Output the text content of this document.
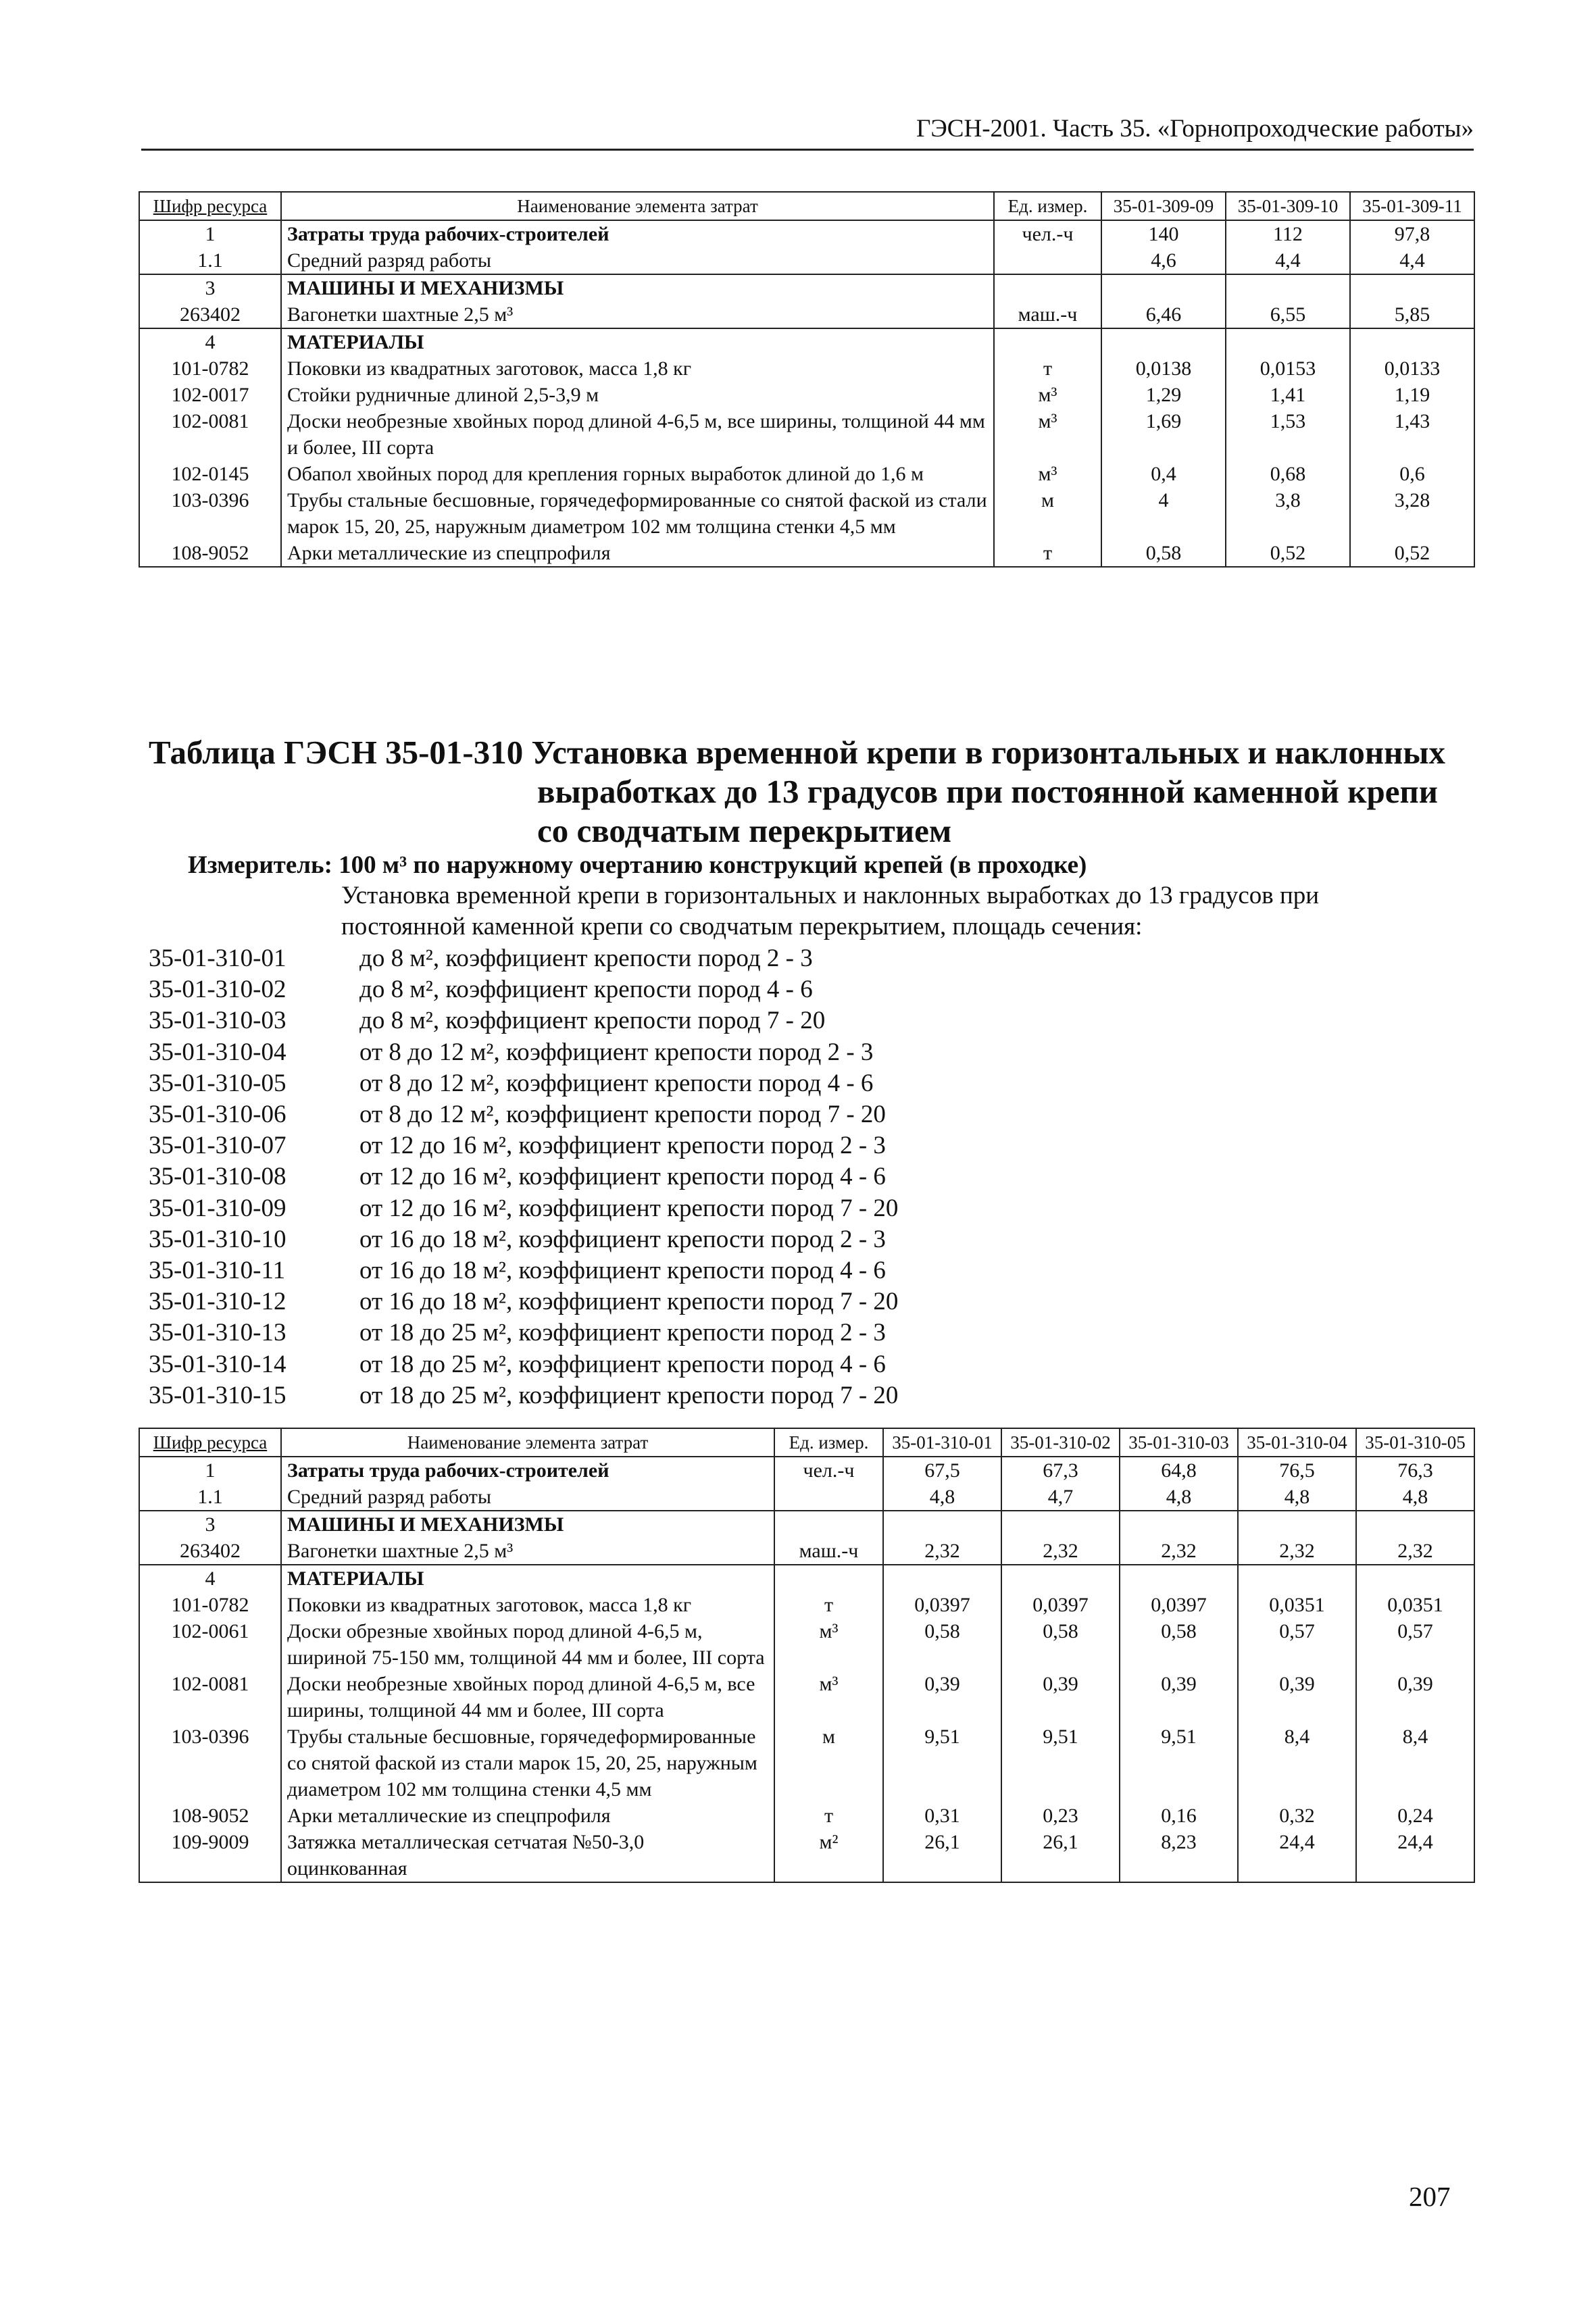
ГЭСН-2001. Часть 35. «Горнопроходческие работы»
Шифр ресурса	Наименование элемента затрат	Ед. измер.	35-01-309-09	35-01-309-10	35-01-309-11
1	Затраты труда рабочих-строителей	чел.-ч	140	112	97,8
1.1	Средний разряд работы		4,6	4,4	4,4
3	МАШИНЫ И МЕХАНИЗМЫ				
263402	Вагонетки шахтные 2,5 м³	маш.-ч	6,46	6,55	5,85
4	МАТЕРИАЛЫ				
101-0782	Поковки из квадратных заготовок, масса 1,8 кг	т	0,0138	0,0153	0,0133
102-0017	Стойки рудничные длиной 2,5-3,9 м	м³	1,29	1,41	1,19
102-0081	Доски необрезные хвойных пород длиной 4-6,5 м, все ширины, толщиной 44 мм и более, III сорта	м³	1,69	1,53	1,43
102-0145	Обапол хвойных пород для крепления горных выработок длиной до 1,6 м	м³	0,4	0,68	0,6
103-0396	Трубы стальные бесшовные, горячедеформированные со снятой фаской из стали марок 15, 20, 25, наружным диаметром 102 мм толщина стенки 4,5 мм	м	4	3,8	3,28
108-9052	Арки металлические из спецпрофиля	т	0,58	0,52	0,52
Таблица ГЭСН 35-01-310 Установка временной крепи в горизонтальных и наклонных
выработках до 13 градусов при постоянной каменной крепи
со сводчатым перекрытием
Измеритель: 100 м³ по наружному очертанию конструкций крепей (в проходке)
Установка временной крепи в горизонтальных и наклонных выработках до 13 градусов при постоянной каменной крепи со сводчатым перекрытием, площадь сечения:
35-01-310-01	до 8 м², коэффициент крепости пород 2 - 3
35-01-310-02	до 8 м², коэффициент крепости пород 4 - 6
35-01-310-03	до 8 м², коэффициент крепости пород 7 - 20
35-01-310-04	от 8 до 12 м², коэффициент крепости пород 2 - 3
35-01-310-05	от 8 до 12 м², коэффициент крепости пород 4 - 6
35-01-310-06	от 8 до 12 м², коэффициент крепости пород 7 - 20
35-01-310-07	от 12 до 16 м², коэффициент крепости пород 2 - 3
35-01-310-08	от 12 до 16 м², коэффициент крепости пород 4 - 6
35-01-310-09	от 12 до 16 м², коэффициент крепости пород 7 - 20
35-01-310-10	от 16 до 18 м², коэффициент крепости пород 2 - 3
35-01-310-11	от 16 до 18 м², коэффициент крепости пород 4 - 6
35-01-310-12	от 16 до 18 м², коэффициент крепости пород 7 - 20
35-01-310-13	от 18 до 25 м², коэффициент крепости пород 2 - 3
35-01-310-14	от 18 до 25 м², коэффициент крепости пород 4 - 6
35-01-310-15	от 18 до 25 м², коэффициент крепости пород 7 - 20
Шифр ресурса	Наименование элемента затрат	Ед. измер.	35-01-310-01	35-01-310-02	35-01-310-03	35-01-310-04	35-01-310-05
1	Затраты труда рабочих-строителей	чел.-ч	67,5	67,3	64,8	76,5	76,3
1.1	Средний разряд работы		4,8	4,7	4,8	4,8	4,8
3	МАШИНЫ И МЕХАНИЗМЫ						
263402	Вагонетки шахтные 2,5 м³	маш.-ч	2,32	2,32	2,32	2,32	2,32
4	МАТЕРИАЛЫ						
101-0782	Поковки из квадратных заготовок, масса 1,8 кг	т	0,0397	0,0397	0,0397	0,0351	0,0351
102-0061	Доски обрезные хвойных пород длиной 4-6,5 м, шириной 75-150 мм, толщиной 44 мм и более, III сорта	м³	0,58	0,58	0,58	0,57	0,57
102-0081	Доски необрезные хвойных пород длиной 4-6,5 м, все ширины, толщиной 44 мм и более, III сорта	м³	0,39	0,39	0,39	0,39	0,39
103-0396	Трубы стальные бесшовные, горячедеформированные со снятой фаской из стали марок 15, 20, 25, наружным диаметром 102 мм толщина стенки 4,5 мм	м	9,51	9,51	9,51	8,4	8,4
108-9052	Арки металлические из спецпрофиля	т	0,31	0,23	0,16	0,32	0,24
109-9009	Затяжка металлическая сетчатая №50-3,0 оцинкованная	м²	26,1	26,1	8,23	24,4	24,4
207
